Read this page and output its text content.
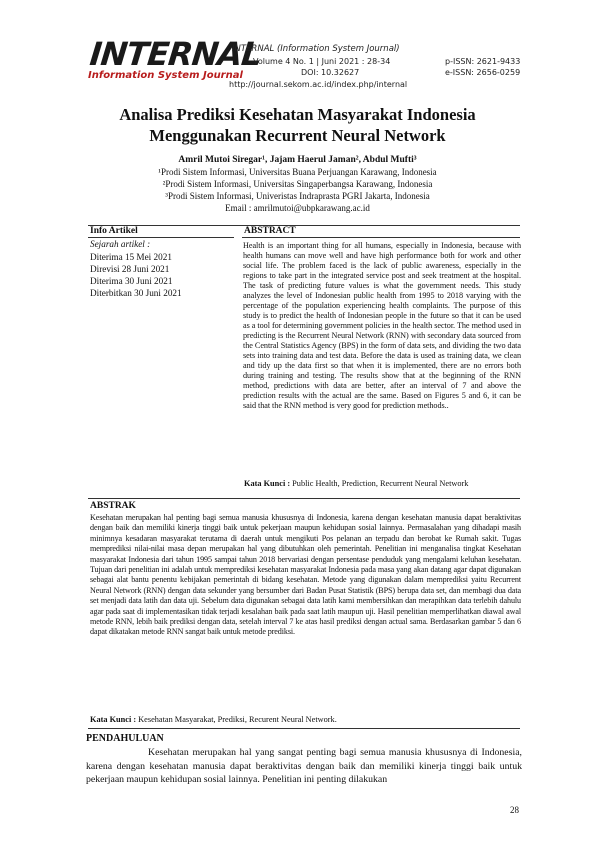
INTERNAL
Information System Journal
INTERNAL (Information System Journal)
Volume 4 No. 1 | Juni 2021 : 28-34
DOI: 10.32627
http://journal.sekom.ac.id/index.php/internal
p-ISSN: 2621-9433
e-ISSN: 2656-0259
Analisa Prediksi Kesehatan Masyarakat Indonesia
Menggunakan Recurrent Neural Network
Amril Mutoi Siregar¹, Jajam Haerul Jaman², Abdul Mufti³
¹Prodi Sistem Informasi, Universitas Buana Perjuangan Karawang, Indonesia
²Prodi Sistem Informasi, Universitas Singaperbangsa Karawang, Indonesia
³Prodi Sistem Informasi, Univeristas Indraprasta PGRI Jakarta, Indonesia
Email : amrilmutoi@ubpkarawang.ac.id
Info Artikel	ABSTRACT
Sejarah artikel :
Diterima 15 Mei 2021
Direvisi 28 Juni 2021
Diterima 30 Juni 2021
Diterbitkan 30 Juni 2021
Health is an important thing for all humans, especially in Indonesia, because with health humans can move well and have high performance both for work and other social life. The problem faced is the lack of public awareness, especially in the regions to take part in the integrated service post and seek treatment at the hospital. The task of predicting future values is what the government needs. This study analyzes the level of Indonesian public health from 1995 to 2018 varying with the percentage of the population experiencing health complaints. The purpose of this study is to predict the health of Indonesian people in the future so that it can be used as a tool for determining government policies in the health sector. The method used in predicting is the Recurrent Neural Network (RNN) with secondary data sourced from the Central Statistics Agency (BPS) in the form of data sets, and dividing the two data sets into training data and test data. Before the data is used as training data, we clean and tidy up the data first so that when it is implemented, there are no errors both during training and testing. The results show that at the beginning of the RNN method, predictions with data are better, after an interval of 7 and above the prediction results with the actual are the same. Based on Figures 5 and 6, it can be said that the RNN method is very good for prediction methods..
Kata Kunci : Public Health, Prediction, Recurrent Neural Network
ABSTRAK
Kesehatan merupakan hal penting bagi semua manusia khususnya di Indonesia, karena dengan kesehatan manusia dapat beraktivitas dengan baik dan memiliki kinerja tinggi baik untuk pekerjaan maupun kehidupan sosial lainnya. Permasalahan yang dihadapi masih minimnya kesadaran masyarakat terutama di daerah untuk mengikuti Pos pelanan an terpadu dan berobat ke Rumah sakit. Tugas memprediksi nilai-nilai masa depan merupakan hal yang dibutuhkan oleh pemerintah. Penelitian ini menganalisa tingkat Kesehatan masyarakat Indonesia dari tahun 1995 sampai tahun 2018 bervariasi dengan persentase penduduk yang mengalami keluhan kesehatan. Tujuan dari penelitian ini adalah untuk memprediksi kesehatan masyarakat Indonesia pada masa yang akan datang agar dapat digunakan sebagai alat bantu penentu kebijakan pemerintah di bidang kesehatan. Metode yang digunakan dalam memprediksi yaitu Recurrent Neural Network (RNN) dengan data sekunder yang bersumber dari Badan Pusat Statistik (BPS) berupa data set, dan membagi dua data set menjadi data latih dan data uji. Sebelum data digunakan sebagai data latih kami membersihkan dan merapihkan data terlebih dahulu agar pada saat di implementasikan tidak terjadi kesalahan baik pada saat latih maupun uji. Hasil penelitian memperlihatkan diawal awal metode RNN, lebih baik prediksi dengan data, setelah interval 7 ke atas hasil prediksi dengan actual sama. Berdasarkan gambar 5 dan 6 dapat dikatakan metode RNN sangat baik untuk metode prediksi.
Kata Kunci : Kesehatan Masyarakat, Prediksi, Recurent Neural Network.
PENDAHULUAN
Kesehatan merupakan hal yang sangat penting bagi semua manusia khususnya di Indonesia, karena dengan kesehatan manusia dapat beraktivitas dengan baik dan memiliki kinerja tinggi baik untuk pekerjaan maupun kehidupan sosial lainnya. Penelitian ini penting dilakukan
28
